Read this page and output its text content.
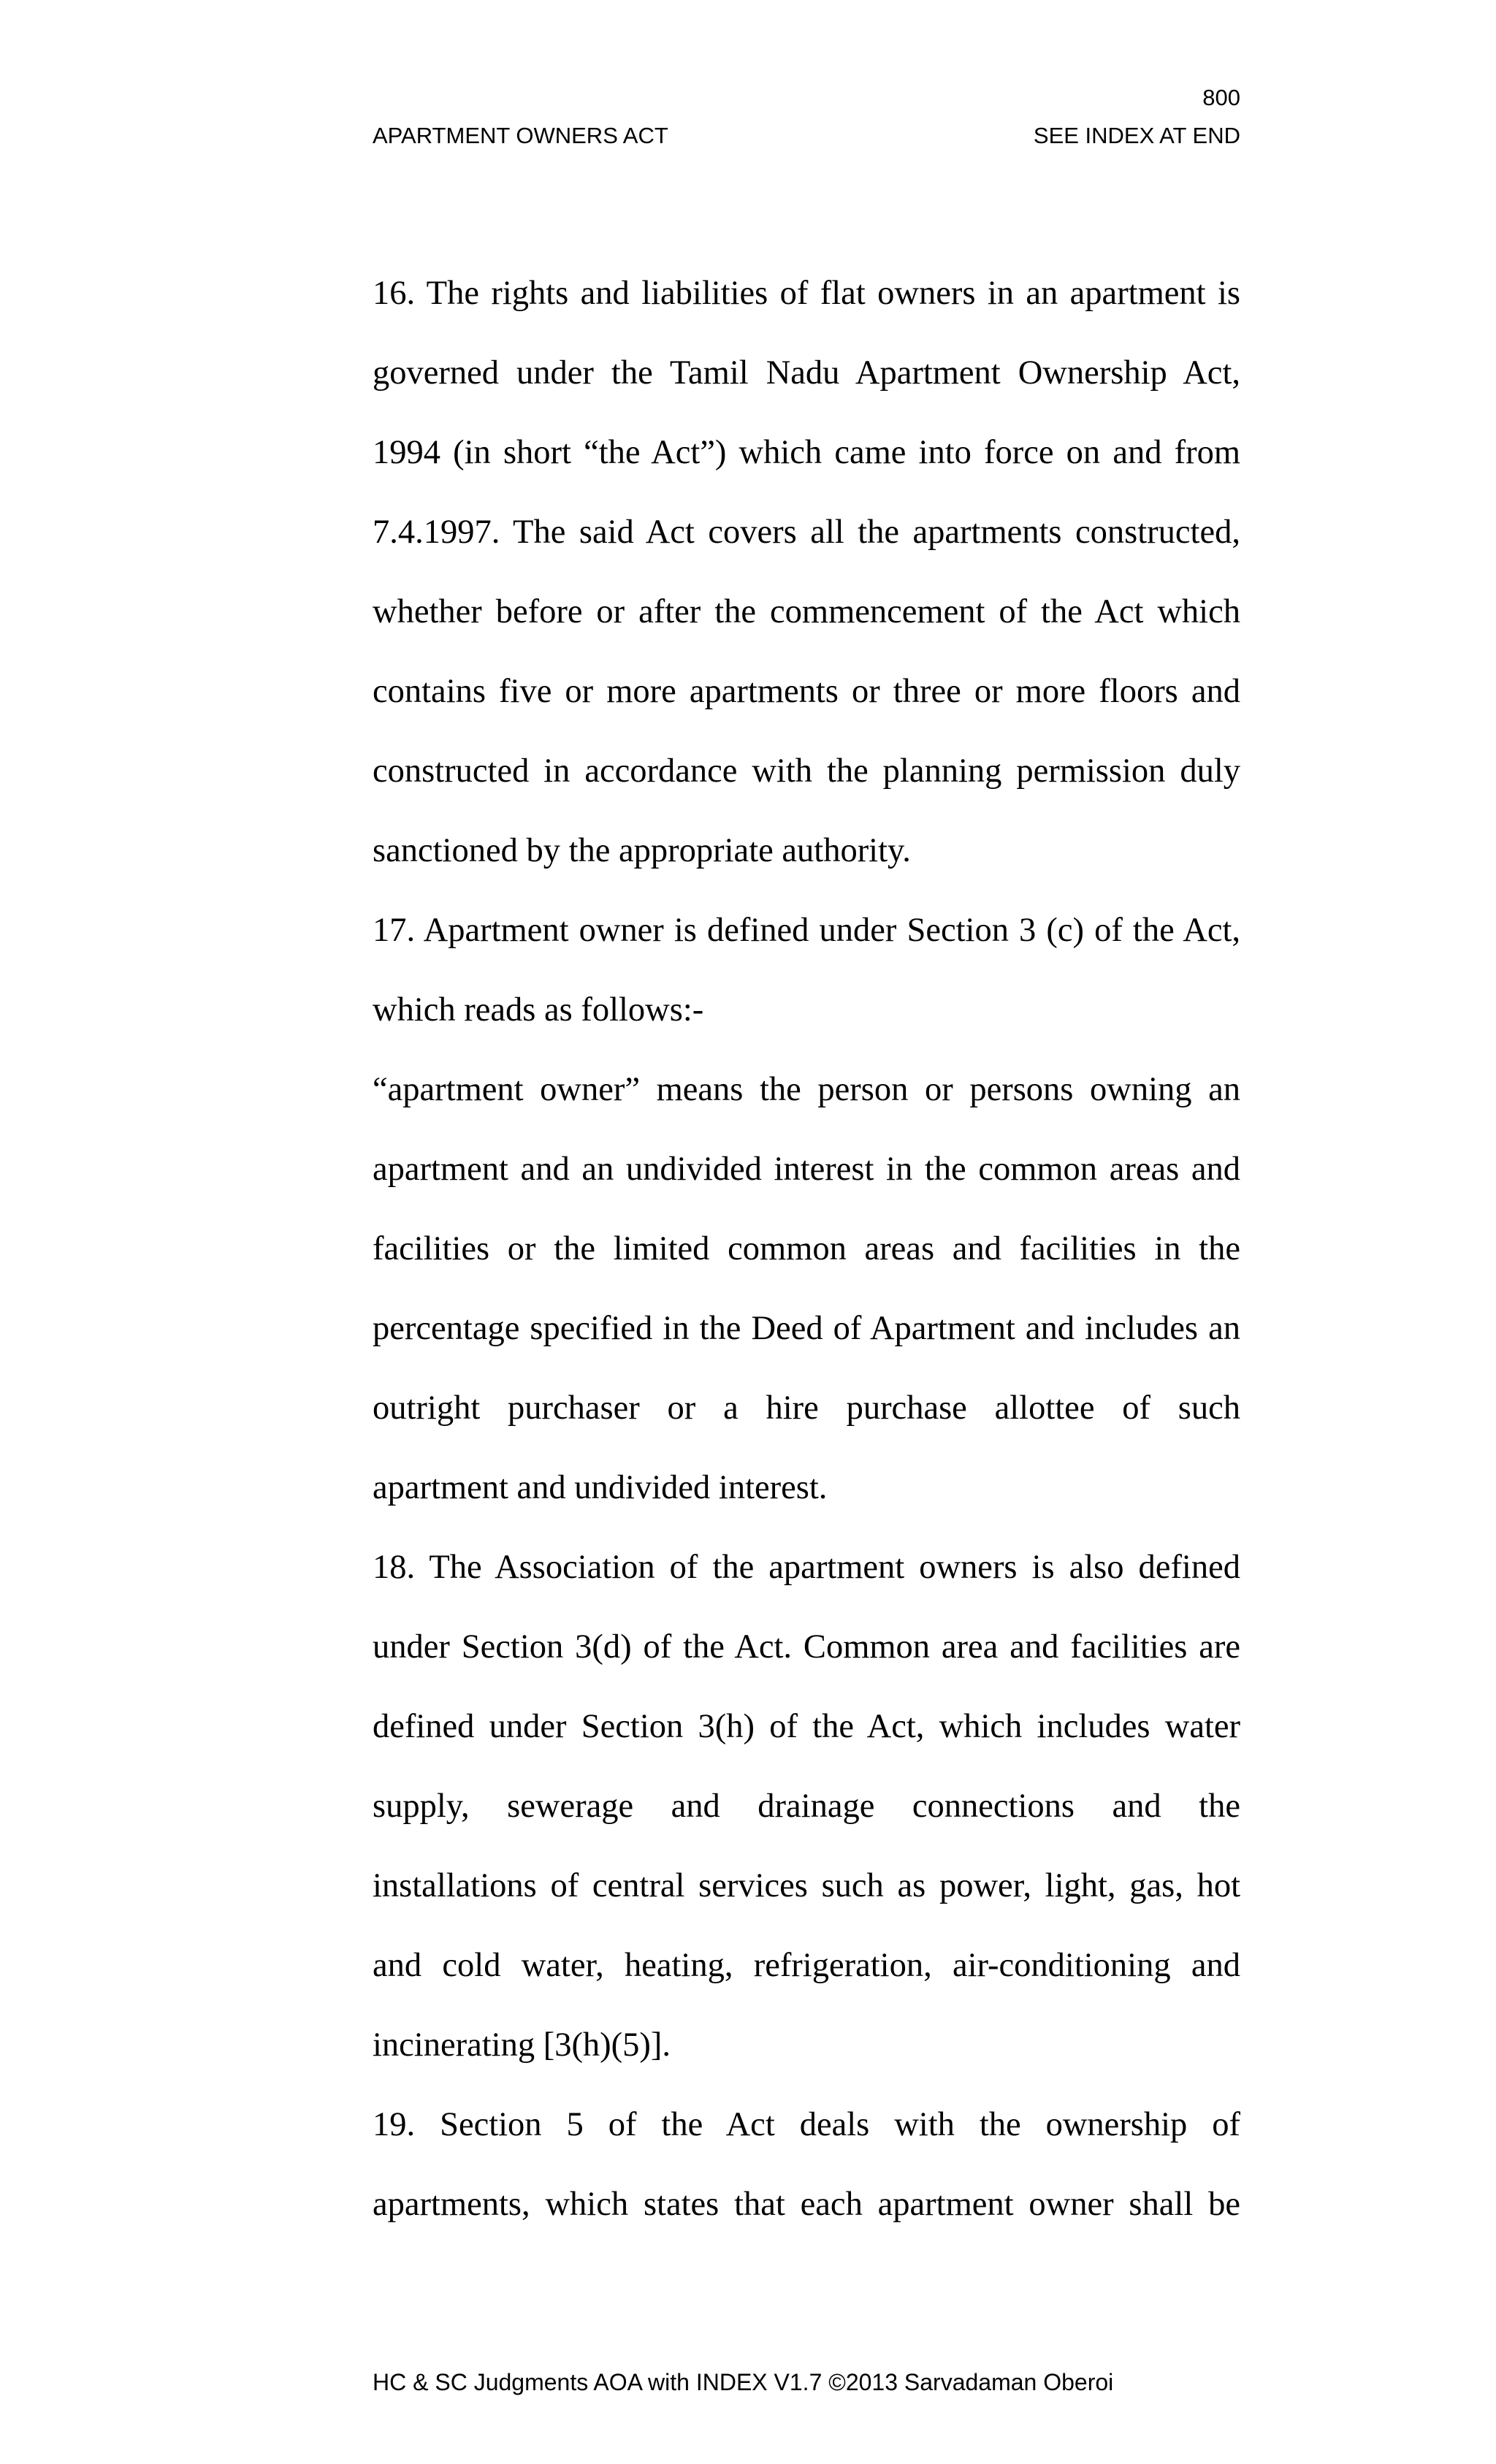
800
APARTMENT OWNERS ACT	SEE INDEX AT END
16. The rights and liabilities of flat owners in an apartment is
governed under the Tamil Nadu Apartment Ownership Act,
1994 (in short “the Act”) which came into force on and from
7.4.1997. The said Act covers all the apartments constructed,
whether before or after the commencement of the Act which
contains five or more apartments or three or more floors and
constructed in accordance with the planning permission duly
sanctioned by the appropriate authority.
17. Apartment owner is defined under Section 3 (c) of the Act,
which reads as follows:-
“apartment owner” means the person or persons owning an
apartment and an undivided interest in the common areas and
facilities or the limited common areas and facilities in the
percentage specified in the Deed of Apartment and includes an
outright purchaser or a hire purchase allottee of such
apartment and undivided interest.
18. The Association of the apartment owners is also defined
under Section 3(d) of the Act. Common area and facilities are
defined under Section 3(h) of the Act, which includes water
supply, sewerage and drainage connections and the
installations of central services such as power, light, gas, hot
and cold water, heating, refrigeration, air-conditioning and
incinerating [3(h)(5)].
19. Section 5 of the Act deals with the ownership of
apartments, which states that each apartment owner shall be
HC & SC Judgments AOA with INDEX V1.7 ©2013 Sarvadaman Oberoi
